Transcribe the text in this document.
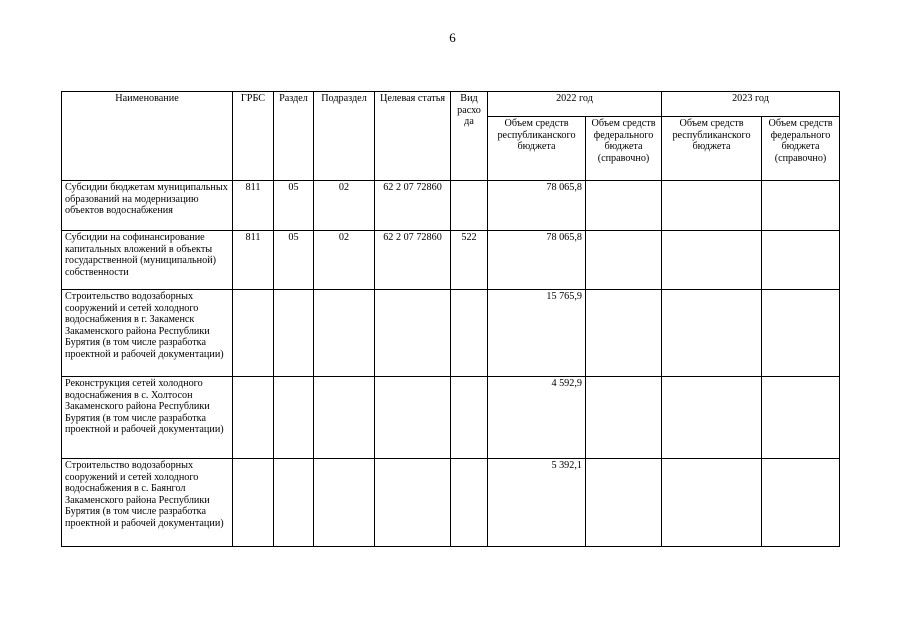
6
Наименование	ГРБС	Раздел	Подраздел	Целевая статья	Вид расхо да	2022 год		2023 год	
						Объем средств республиканского бюджета	Объем средств федерального бюджета (справочно)	Объем средств республиканского бюджета	Объем средств федерального бюджета (справочно)
Субсидии бюджетам муниципальных образований на модернизацию объектов водоснабжения	811	05	02	62 2 07 72860		78 065,8			
Субсидии на софинансирование капитальных вложений в объекты государственной (муниципальной) собственности	811	05	02	62 2 07 72860	522	78 065,8			
Строительство водозаборных сооружений и сетей холодного водоснабжения в г. Закаменск Закаменского района Республики Бурятия (в том числе разработка проектной и рабочей документации)						15 765,9			
Реконструкция сетей холодного водоснабжения в с. Холтосон Закаменского района Республики Бурятия (в том числе разработка проектной и рабочей документации)						4 592,9			
Строительство водозаборных сооружений и сетей холодного водоснабжения в с. Баянгол Закаменского района Республики Бурятия (в том числе разработка проектной и рабочей документации)						5 392,1			
